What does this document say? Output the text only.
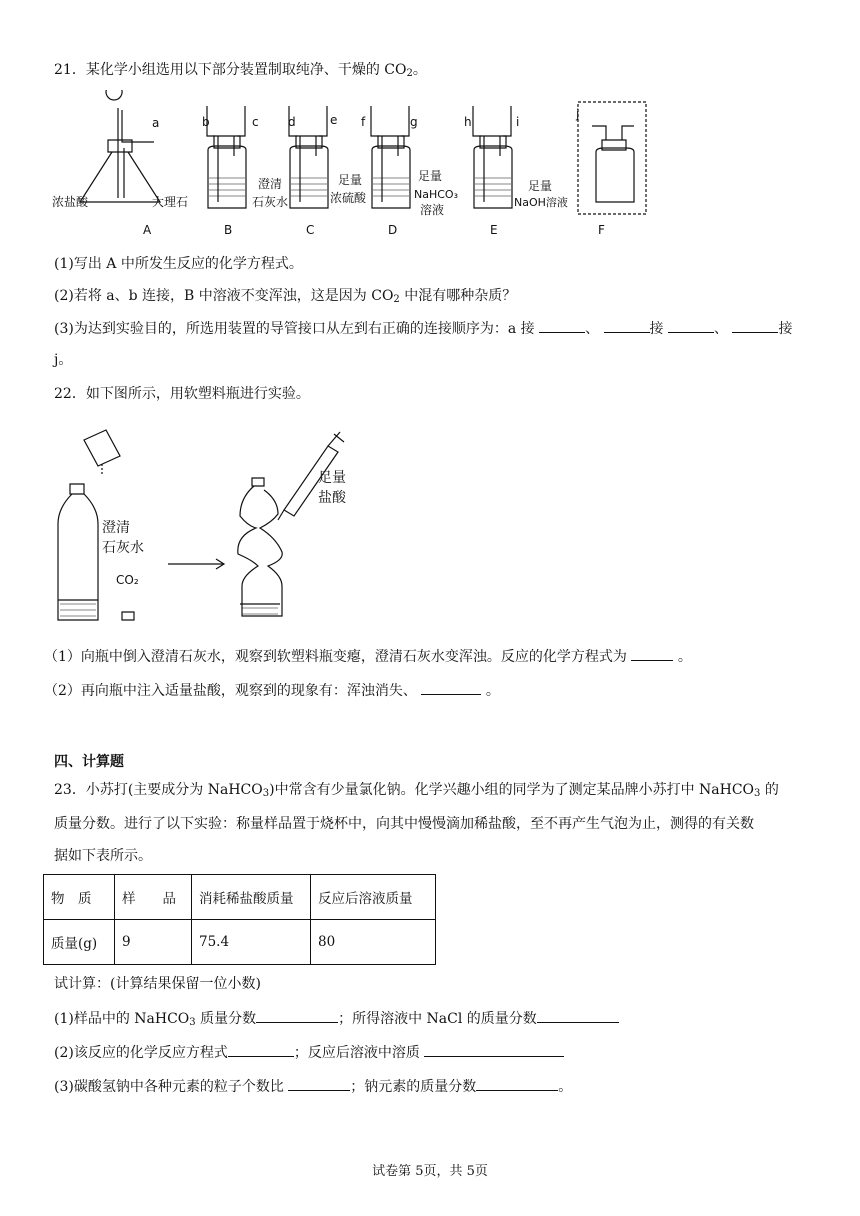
21．某化学小组选用以下部分装置制取纯净、干燥的 $CO_2$。
a	b	c d	e f	g	h	i
j
浓盐酸	大理石
澄清
石灰水
足量
浓硫酸
足量
NaHCO₃
溶液
足量
NaOH溶液
A	B	C	D	E	F
(1)写出 A 中所发生反应的化学方程式。
(2)若将 a、b 连接，B 中溶液不变浑浊，这是因为 $CO_2$ 中混有哪种杂质？
(3)为达到实验目的，所选用装置的导管接口从左到右正确的连接顺序为：a 接	、	接	、	接
j。
22．如下图所示，用软塑料瓶进行实验。
澄清
石灰水
CO₂
足量
盐酸
（1）向瓶中倒入澄清石灰水，观察到软塑料瓶变瘪，澄清石灰水变浑浊。反应的化学方程式为	。
（2）再向瓶中注入适量盐酸，观察到的现象有：浑浊消失、	。
四、计算题
23．小苏打(主要成分为 NaHCO$_3$)中常含有少量氯化钠。化学兴趣小组的同学为了测定某品牌小苏打中 NaHCO$_3$ 的
质量分数。进行了以下实验：称量样品置于烧杯中，向其中慢慢滴加稀盐酸，至不再产生气泡为止，测得的有关数
据如下表所示。
物　质	样　　品	消耗稀盐酸质量	反应后溶液质量
质量(g)	9	75.4	80
试计算：(计算结果保留一位小数)
(1)样品中的 NaHCO$_3$ 质量分数	；所得溶液中 NaCl 的质量分数
(2)该反应的化学反应方程式	；反应后溶液中溶质
(3)碳酸氢钠中各种元素的粒子个数比	；钠元素的质量分数	。
试卷第 5页，共 5页
